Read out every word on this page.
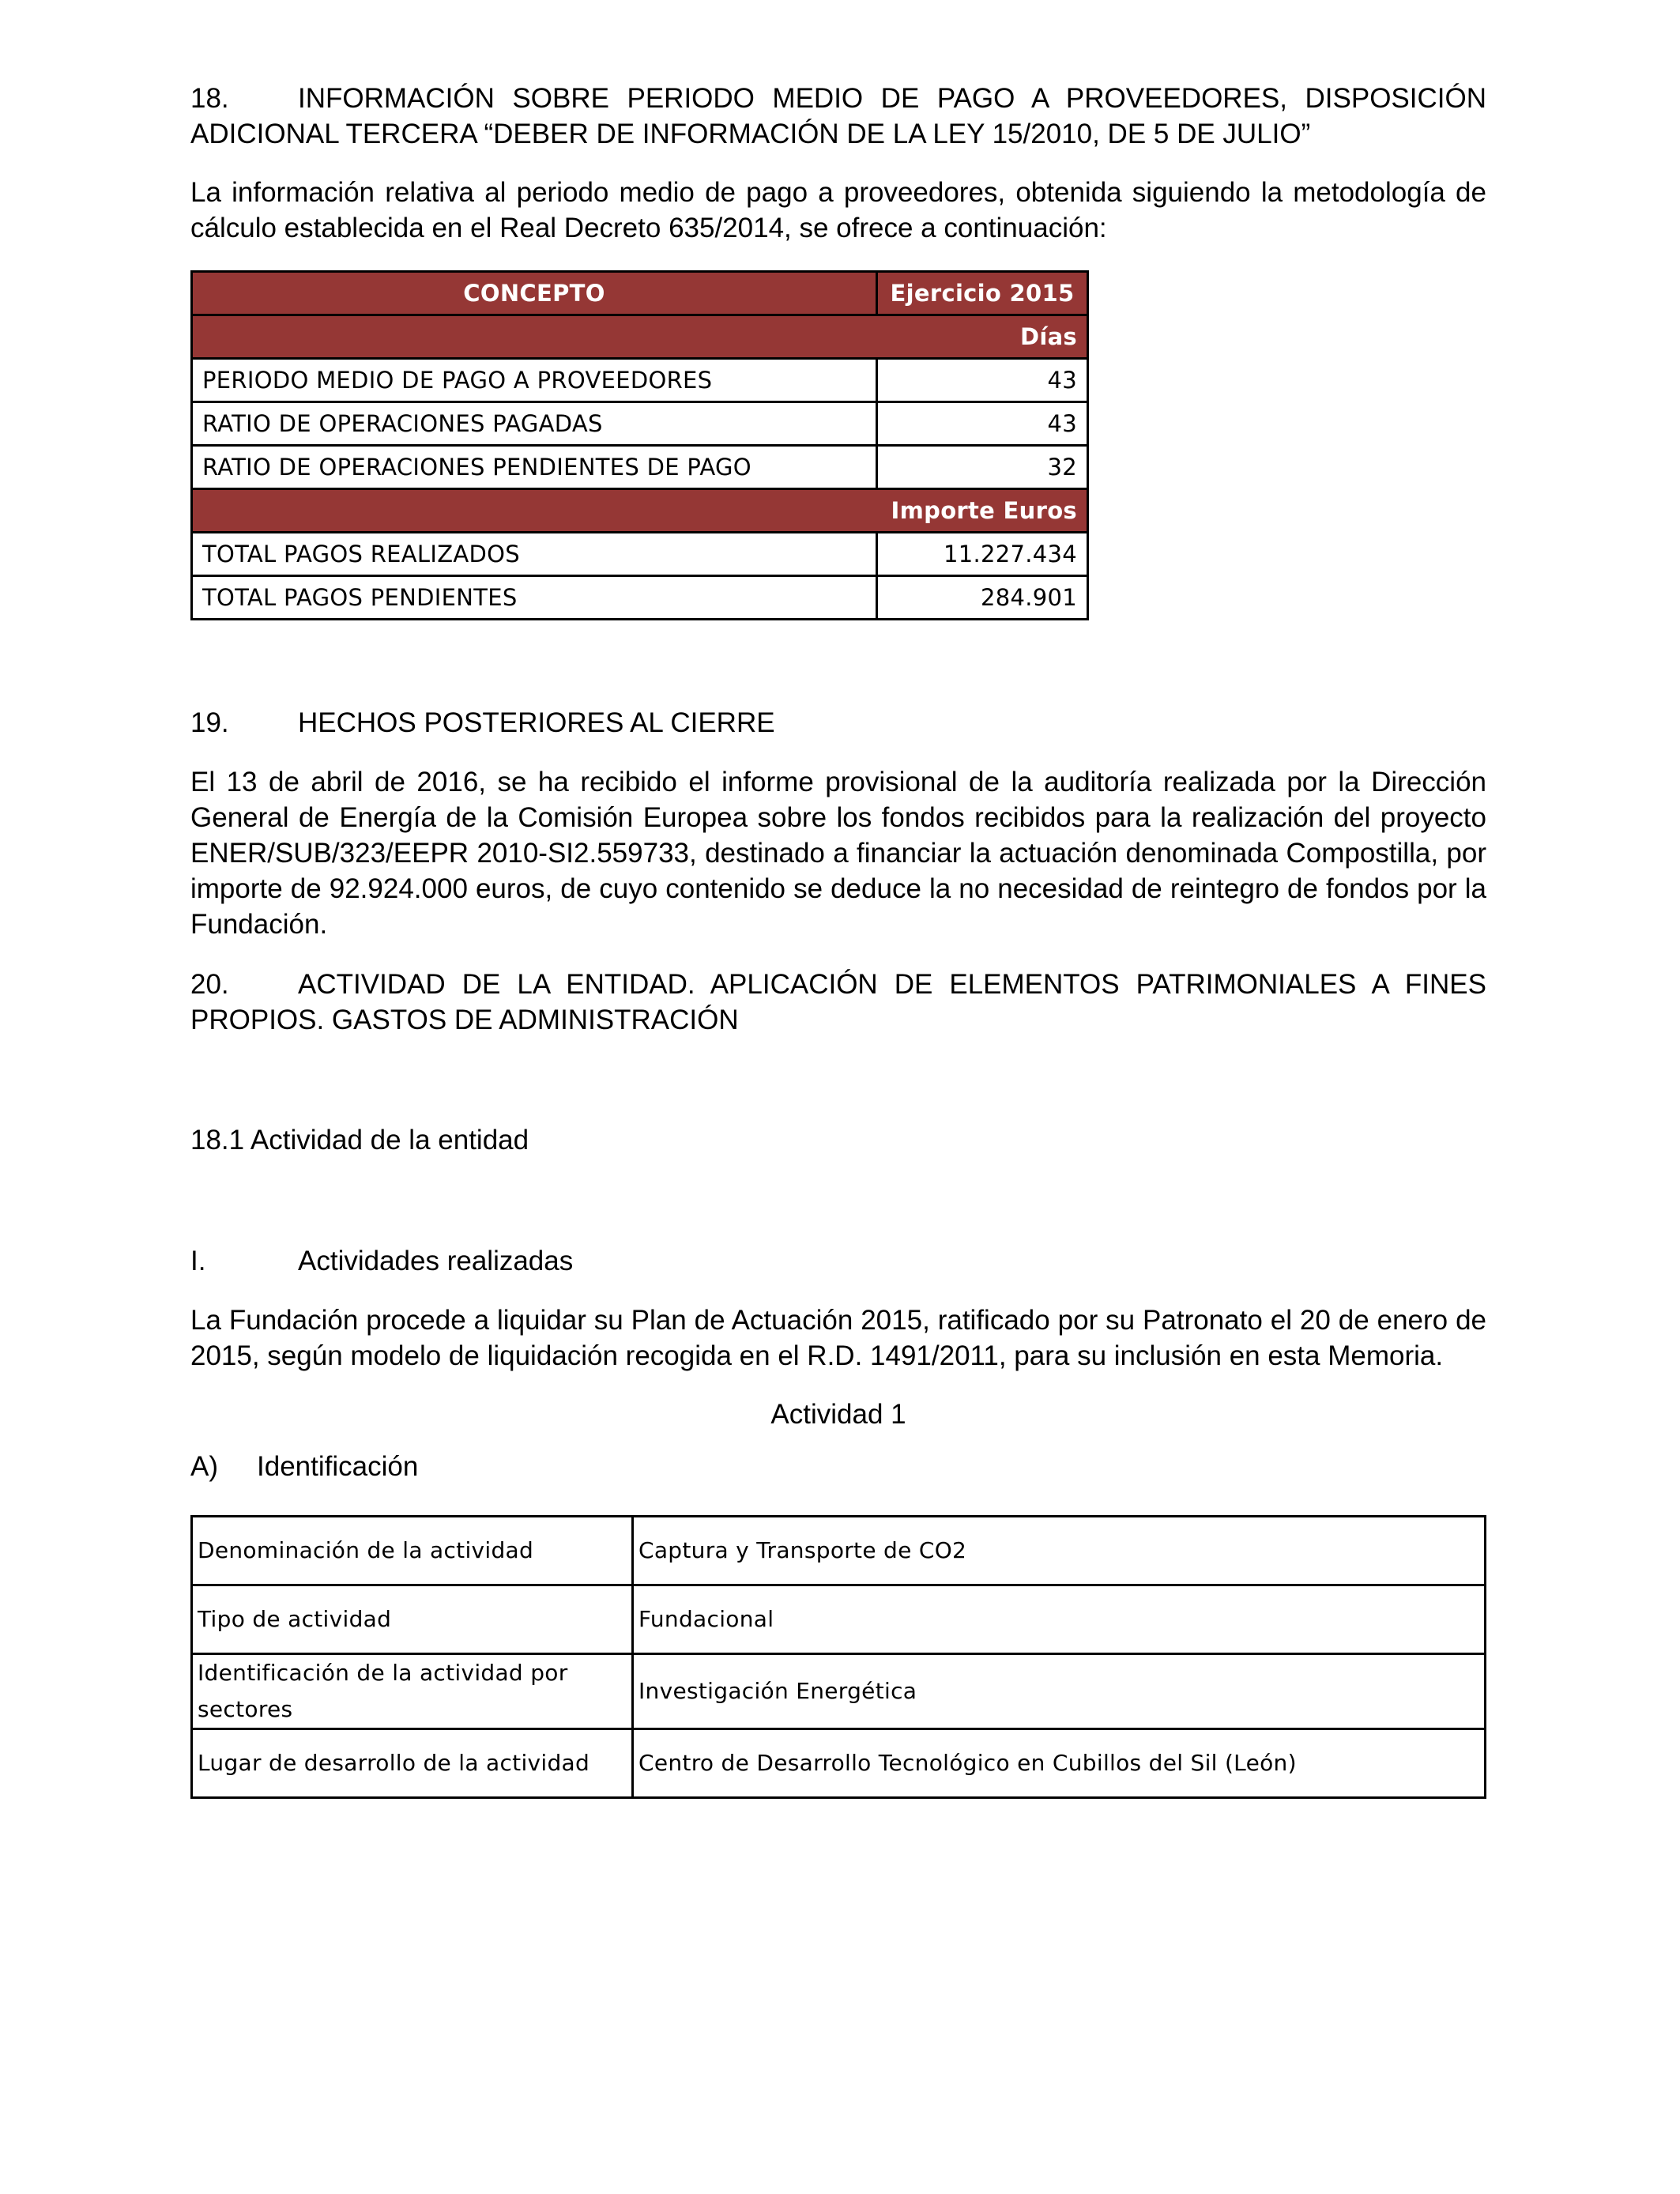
18. INFORMACIÓN SOBRE PERIODO MEDIO DE PAGO A PROVEEDORES, DISPOSICIÓN ADICIONAL TERCERA “DEBER DE INFORMACIÓN DE LA LEY 15/2010, DE 5 DE JULIO”

La información relativa al periodo medio de pago a proveedores, obtenida siguiendo la metodología de cálculo establecida en el Real Decreto 635/2014, se ofrece a continuación:

CONCEPTO	Ejercicio 2015
Días	
PERIODO MEDIO DE PAGO A PROVEEDORES	43
RATIO DE OPERACIONES PAGADAS	43
RATIO DE OPERACIONES PENDIENTES DE PAGO	32
Importe Euros	
TOTAL PAGOS REALIZADOS	11.227.434
TOTAL PAGOS PENDIENTES	284.901

19. HECHOS POSTERIORES AL CIERRE

El 13 de abril de 2016, se ha recibido el informe provisional de la auditoría realizada por la Dirección General de Energía de la Comisión Europea sobre los fondos recibidos para la realización del proyecto ENER/SUB/323/EEPR 2010-SI2.559733, destinado a financiar la actuación denominada Compostilla, por importe de 92.924.000 euros, de cuyo contenido se deduce la no necesidad de reintegro de fondos por la Fundación.

20. ACTIVIDAD DE LA ENTIDAD. APLICACIÓN DE ELEMENTOS PATRIMONIALES A FINES PROPIOS. GASTOS DE ADMINISTRACIÓN

18.1 Actividad de la entidad

I.	Actividades realizadas

La Fundación procede a liquidar su Plan de Actuación 2015, ratificado por su Patronato el 20 de enero de 2015, según modelo de liquidación recogida en el R.D. 1491/2011, para su inclusión en esta Memoria.

Actividad 1

A) Identificación

Denominación de la actividad	Captura y Transporte de CO2
Tipo de actividad	Fundacional
Identificación de la actividad por sectores	Investigación Energética
Lugar de desarrollo de la actividad	Centro de Desarrollo Tecnológico en Cubillos del Sil (León)
